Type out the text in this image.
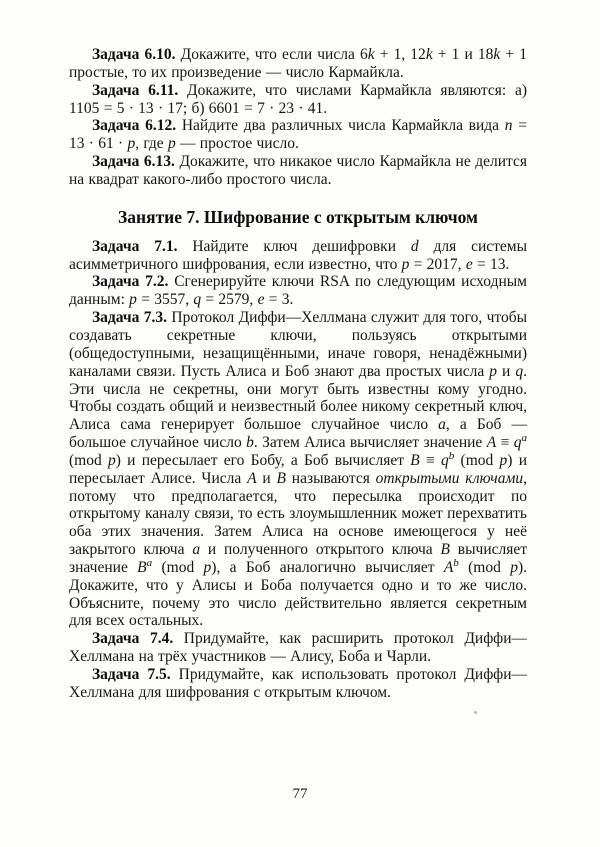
Задача 6.10. Докажите, что если числа 6k + 1, 12k + 1 и 18k + 1 простые, то их произведение — число Кармайкла.

Задача 6.11. Докажите, что числами Кармайкла являются: а) 1105 = 5 · 13 · 17; б) 6601 = 7 · 23 · 41.

Задача 6.12. Найдите два различных числа Кармайкла вида n = 13 · 61 · p, где p — простое число.

Задача 6.13. Докажите, что никакое число Кармайкла не делится на квадрат какого-либо простого числа.

Занятие 7. Шифрование с открытым ключом

Задача 7.1. Найдите ключ дешифровки d для системы асимметричного шифрования, если известно, что p = 2017, e = 13.

Задача 7.2. Сгенерируйте ключи RSA по следующим исходным данным: p = 3557, q = 2579, e = 3.

Задача 7.3. Протокол Диффи—Хеллмана служит для того, чтобы создавать секретные ключи, пользуясь открытыми (общедоступными, незащищёнными, иначе говоря, ненадёжными) каналами связи. Пусть Алиса и Боб знают два простых числа p и q. Эти числа не секретны, они могут быть известны кому угодно. Чтобы создать общий и неизвестный более никому секретный ключ, Алиса сама генерирует большое случайное число a, а Боб — большое случайное число b. Затем Алиса вычисляет значение $A \equiv q^a$ (mod p) и пересылает его Бобу, а Боб вычисляет $B \equiv q^b$ (mod p) и пересылает Алисе. Числа A и B называются открытыми ключами, потому что предполагается, что пересылка происходит по открытому каналу связи, то есть злоумышленник может перехватить оба этих значения. Затем Алиса на основе имеющегося у неё закрытого ключа a и полученного открытого ключа B вычисляет значение $B^a$ (mod p), а Боб аналогично вычисляет $A^b$ (mod p). Докажите, что у Алисы и Боба получается одно и то же число. Объясните, почему это число действительно является секретным для всех остальных.

Задача 7.4. Придумайте, как расширить протокол Диффи—Хеллмана на трёх участников — Алису, Боба и Чарли.

Задача 7.5. Придумайте, как использовать протокол Диффи—Хеллмана для шифрования с открытым ключом.

77
